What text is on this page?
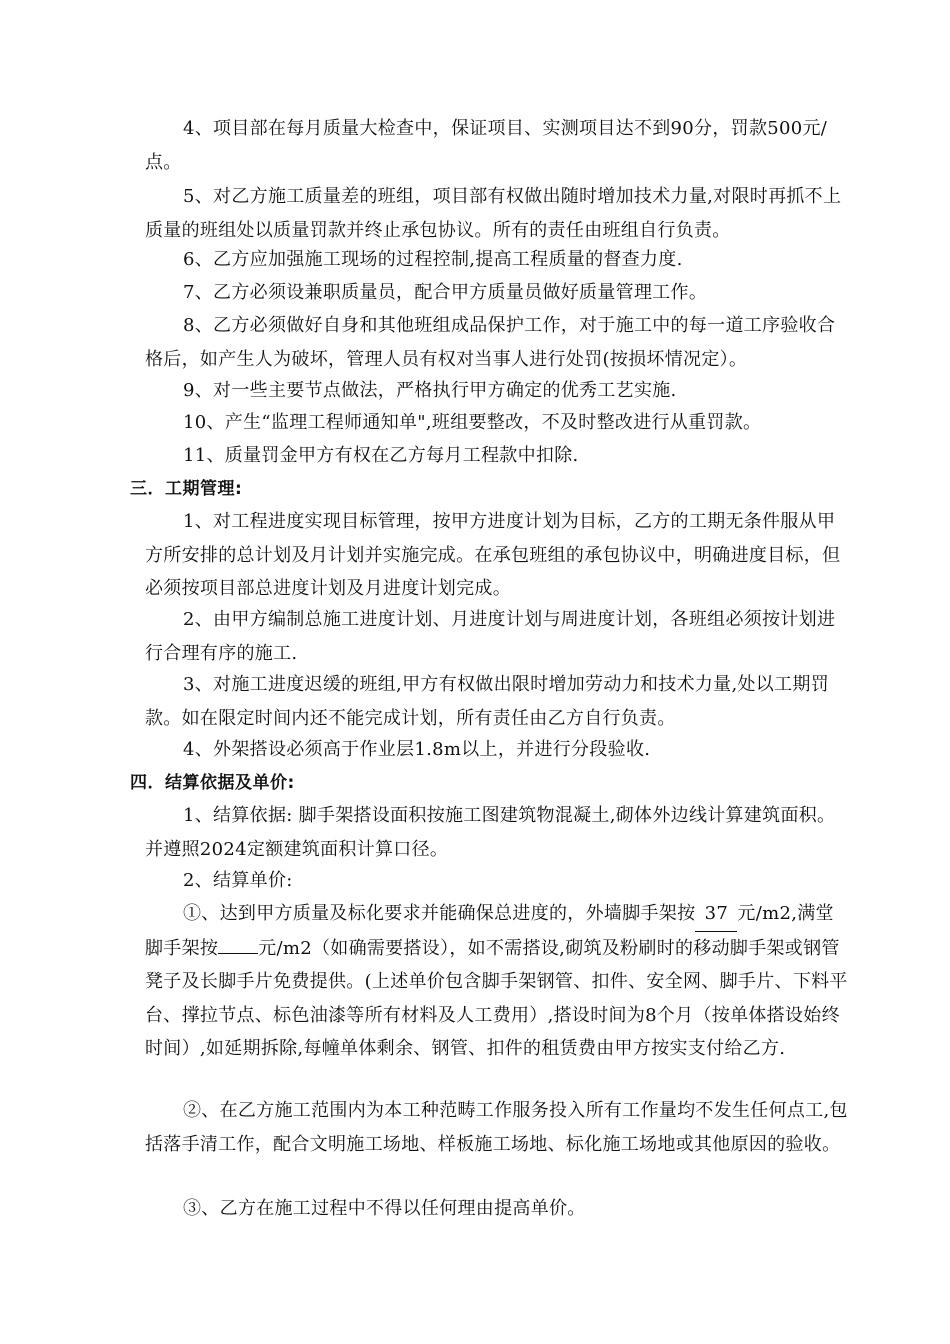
4、项目部在每月质量大检查中，保证项目、实测项目达不到90分，罚款500元/点。

5、对乙方施工质量差的班组，项目部有权做出随时增加技术力量,对限时再抓不上质量的班组处以质量罚款并终止承包协议。所有的责任由班组自行负责。

6、乙方应加强施工现场的过程控制,提高工程质量的督查力度.

7、乙方必须设兼职质量员，配合甲方质量员做好质量管理工作。

8、乙方必须做好自身和其他班组成品保护工作，对于施工中的每一道工序验收合格后，如产生人为破坏，管理人员有权对当事人进行处罚(按损坏情况定）。

9、对一些主要节点做法，严格执行甲方确定的优秀工艺实施.

10、产生“监理工程师通知单",班组要整改，不及时整改进行从重罚款。

11、质量罚金甲方有权在乙方每月工程款中扣除.

三．工期管理:

1、对工程进度实现目标管理，按甲方进度计划为目标，乙方的工期无条件服从甲方所安排的总计划及月计划并实施完成。在承包班组的承包协议中，明确进度目标，但必须按项目部总进度计划及月进度计划完成。

2、由甲方编制总施工进度计划、月进度计划与周进度计划，各班组必须按计划进行合理有序的施工.

3、对施工进度迟缓的班组,甲方有权做出限时增加劳动力和技术力量,处以工期罚款。如在限定时间内还不能完成计划，所有责任由乙方自行负责。

4、外架搭设必须高于作业层1.8m以上，并进行分段验收.

四．结算依据及单价:

1、结算依据: 脚手架搭设面积按施工图建筑物混凝土,砌体外边线计算建筑面积。并遵照2024定额建筑面积计算口径。

2、结算单价:

①、达到甲方质量及标化要求并能确保总进度的，外墙脚手架按 37 元/m2,满堂脚手架按 元/m2（如确需要搭设），如不需搭设,砌筑及粉刷时的移动脚手架或钢管凳子及长脚手片免费提供。(上述单价包含脚手架钢管、扣件、安全网、脚手片、下料平台、撑拉节点、标色油漆等所有材料及人工费用）,搭设时间为8个月（按单体搭设始终时间）,如延期拆除,每幢单体剩余、钢管、扣件的租赁费由甲方按实支付给乙方.

②、在乙方施工范围内为本工种范畴工作服务投入所有工作量均不发生任何点工,包括落手清工作，配合文明施工场地、样板施工场地、标化施工场地或其他原因的验收。

③、乙方在施工过程中不得以任何理由提高单价。
